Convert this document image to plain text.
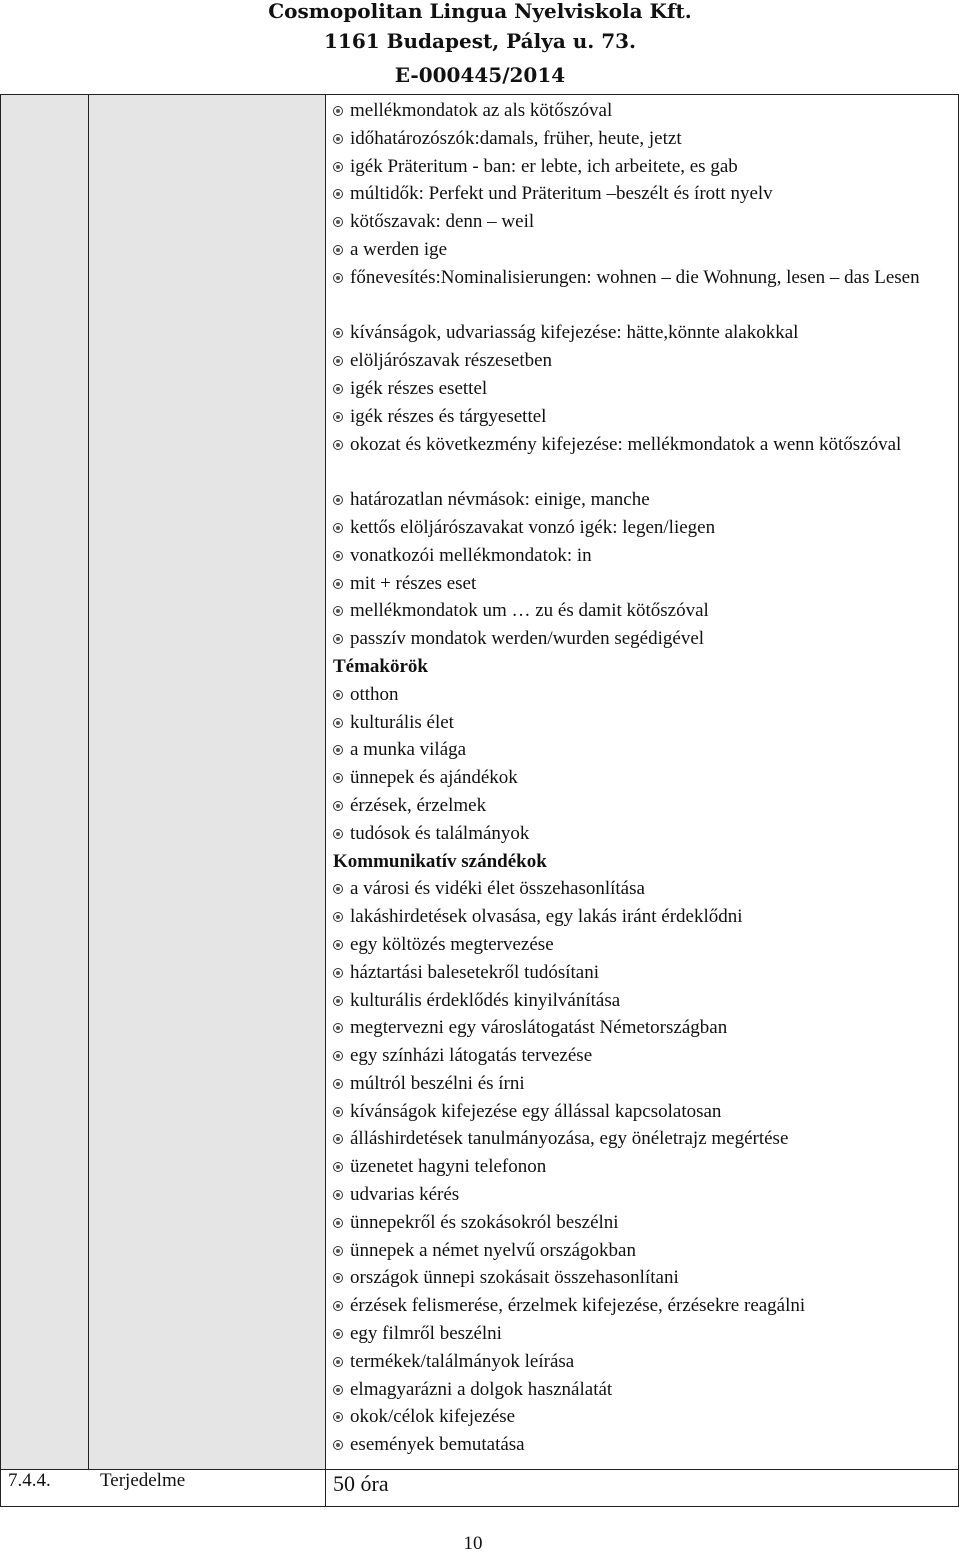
Cosmopolitan Lingua Nyelviskola Kft.
1161 Budapest, Pálya u. 73.
E-000445/2014
mellékmondatok az als kötőszóval
időhatározószók:damals, früher, heute, jetzt
igék Präteritum - ban: er lebte, ich arbeitete, es gab
múltidők: Perfekt und Präteritum –beszélt és írott nyelv
kötőszavak: denn – weil
a werden ige
főnevesítés:Nominalisierungen: wohnen – die Wohnung, lesen – das Lesen
kívánságok, udvariasság kifejezése: hätte,könnte alakokkal
elöljárószavak részesetben
igék részes esettel
igék részes és tárgyesettel
okozat és következmény kifejezése: mellékmondatok a wenn kötőszóval
határozatlan névmások: einige, manche
kettős elöljárószavakat vonzó igék: legen/liegen
vonatkozói mellékmondatok: in
mit + részes eset
mellékmondatok um … zu és damit kötőszóval
passzív mondatok werden/wurden segédigével
Témakörök
otthon
kulturális élet
a munka világa
ünnepek és ajándékok
érzések, érzelmek
tudósok és találmányok
Kommunikatív szándékok
a városi és vidéki élet összehasonlítása
lakáshirdetések olvasása, egy lakás iránt érdeklődni
egy költözés megtervezése
háztartási balesetekről tudósítani
kulturális érdeklődés kinyilvánítása
megtervezni egy városlátogatást Németországban
egy színházi látogatás tervezése
múltról beszélni és írni
kívánságok kifejezése egy állással kapcsolatosan
álláshirdetések tanulmányozása, egy önéletrajz megértése
üzenetet hagyni telefonon
udvarias kérés
ünnepekről és szokásokról beszélni
ünnepek a német nyelvű országokban
országok ünnepi szokásait összehasonlítani
érzések felismerése, érzelmek kifejezése, érzésekre reagálni
egy filmről beszélni
termékek/találmányok leírása
elmagyarázni a dolgok használatát
okok/célok kifejezése
események bemutatása
7.4.4.	Terjedelme	50 óra
10
